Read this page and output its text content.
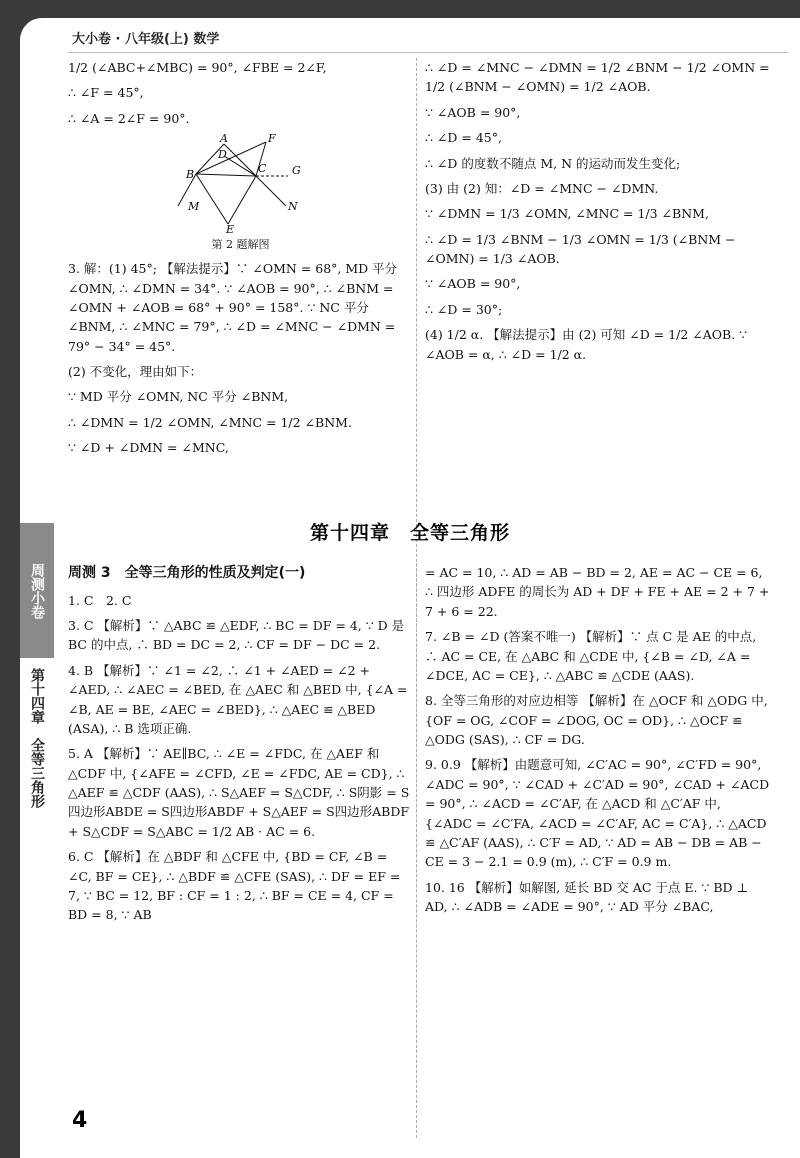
大小卷 · 八年级(上) 数学

1/2 (∠ABC+∠MBC) = 90°, ∠FBE = 2∠F,

∴ ∠F = 45°,

∴ ∠A = 2∠F = 90°.

A	F
D
B	C G
M
E
N
第 2 题解图

3. 解：(1) 45°; 【解法提示】∵ ∠OMN = 68°, MD 平分 ∠OMN, ∴ ∠DMN = 34°. ∵ ∠AOB = 90°, ∴ ∠BNM = ∠OMN + ∠AOB = 68° + 90° = 158°. ∵ NC 平分 ∠BNM, ∴ ∠MNC = 79°, ∴ ∠D = ∠MNC − ∠DMN = 79° − 34° = 45°.

(2) 不变化，理由如下：

∵ MD 平分 ∠OMN, NC 平分 ∠BNM,

∴ ∠DMN = 1/2 ∠OMN, ∠MNC = 1/2 ∠BNM.

∵ ∠D + ∠DMN = ∠MNC,

∴ ∠D = ∠MNC − ∠DMN = 1/2 ∠BNM − 1/2 ∠OMN = 1/2 (∠BNM − ∠OMN) = 1/2 ∠AOB.

∵ ∠AOB = 90°,

∴ ∠D = 45°,

∴ ∠D 的度数不随点 M, N 的运动而发生变化;

(3) 由 (2) 知：∠D = ∠MNC − ∠DMN.

∵ ∠DMN = 1/3 ∠OMN, ∠MNC = 1/3 ∠BNM,

∴ ∠D = 1/3 ∠BNM − 1/3 ∠OMN = 1/3 (∠BNM − ∠OMN) = 1/3 ∠AOB.

∵ ∠AOB = 90°,

∴ ∠D = 30°;

(4) 1/2 α. 【解法提示】由 (2) 可知 ∠D = 1/2 ∠AOB. ∵ ∠AOB = α, ∴ ∠D = 1/2 α.

第十四章　全等三角形
周测 3　全等三角形的性质及判定(一)

1. C　2. C

3. C 【解析】∵ △ABC ≌ △EDF, ∴ BC = DF = 4, ∵ D 是 BC 的中点, ∴ BD = DC = 2, ∴ CF = DF − DC = 2.

4. B 【解析】∵ ∠1 = ∠2, ∴ ∠1 + ∠AED = ∠2 + ∠AED, ∴ ∠AEC = ∠BED, 在 △AEC 和 △BED 中, {∠A = ∠B, AE = BE, ∠AEC = ∠BED}, ∴ △AEC ≌ △BED (ASA), ∴ B 选项正确.

5. A 【解析】∵ AE∥BC, ∴ ∠E = ∠FDC, 在 △AEF 和 △CDF 中, {∠AFE = ∠CFD, ∠E = ∠FDC, AE = CD}, ∴ △AEF ≌ △CDF (AAS), ∴ S△AEF = S△CDF, ∴ S阴影 = S四边形ABDE = S四边形ABDF + S△AEF = S四边形ABDF + S△CDF = S△ABC = 1/2 AB · AC = 6.

6. C 【解析】在 △BDF 和 △CFE 中, {BD = CF, ∠B = ∠C, BF = CE}, ∴ △BDF ≌ △CFE (SAS), ∴ DF = EF = 7, ∵ BC = 12, BF : CF = 1 : 2, ∴ BF = CE = 4, CF = BD = 8, ∵ AB

= AC = 10, ∴ AD = AB − BD = 2, AE = AC − CE = 6, ∴ 四边形 ADFE 的周长为 AD + DF + FE + AE = 2 + 7 + 7 + 6 = 22.

7. ∠B = ∠D (答案不唯一) 【解析】∵ 点 C 是 AE 的中点, ∴ AC = CE, 在 △ABC 和 △CDE 中, {∠B = ∠D, ∠A = ∠DCE, AC = CE}, ∴ △ABC ≌ △CDE (AAS).

8. 全等三角形的对应边相等 【解析】在 △OCF 和 △ODG 中, {OF = OG, ∠COF = ∠DOG, OC = OD}, ∴ △OCF ≌ △ODG (SAS), ∴ CF = DG.

9. 0.9 【解析】由题意可知, ∠C′AC = 90°, ∠C′FD = 90°, ∠ADC = 90°, ∵ ∠CAD + ∠C′AD = 90°, ∠CAD + ∠ACD = 90°, ∴ ∠ACD = ∠C′AF, 在 △ACD 和 △C′AF 中, {∠ADC = ∠C′FA, ∠ACD = ∠C′AF, AC = C′A}, ∴ △ACD ≌ △C′AF (AAS), ∴ C′F = AD, ∵ AD = AB − DB = AB − CE = 3 − 2.1 = 0.9 (m), ∴ C′F = 0.9 m.

10. 16 【解析】如解图, 延长 BD 交 AC 于点 E. ∵ BD ⊥ AD, ∴ ∠ADB = ∠ADE = 90°, ∵ AD 平分 ∠BAC,

周测小卷
第十四章　全等三角形
4
